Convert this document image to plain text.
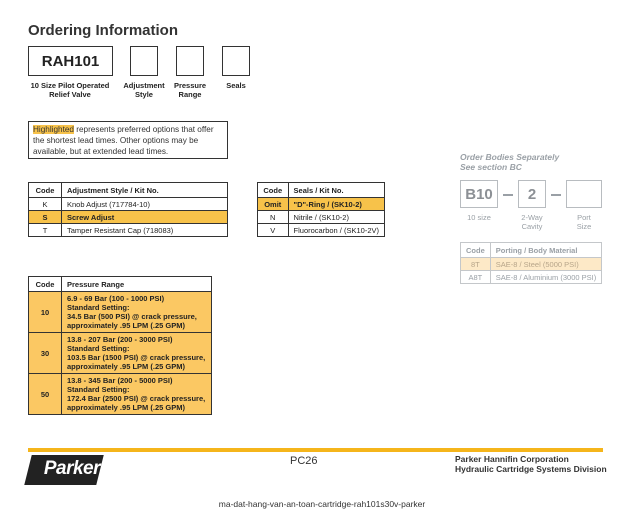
Ordering Information
RAH101
10 Size Pilot Operated Relief Valve
Adjustment Style
Pressure Range
Seals
Highlighted represents preferred options that offer the shortest lead times. Other options may be available, but at extended lead times.
Code	Adjustment Style / Kit No.
K	Knob Adjust (717784-10)
S	Screw Adjust
T	Tamper Resistant Cap (718083)
Code	Seals / Kit No.
Omit	"D"-Ring / (SK10-2)
N	Nitrile / (SK10-2)
V	Fluorocarbon / (SK10-2V)
Code	Pressure Range
10	6.9 - 69 Bar (100 - 1000 PSI)
Standard Setting:
34.5 Bar (500 PSI) @ crack pressure,
approximately .95 LPM (.25 GPM)

30	13.8 - 207 Bar (200 - 3000 PSI)
Standard Setting:
103.5 Bar (1500 PSI) @ crack pressure,
approximately .95 LPM (.25 GPM)

50	13.8 - 345 Bar (200 - 5000 PSI)
Standard Setting:
172.4 Bar (2500 PSI) @ crack pressure,
approximately .95 LPM (.25 GPM)
Order Bodies Separately
See section BC
B10	2
10 size	2-Way
Cavity
Port
Size
Code	Porting / Body Material
8T	SAE-8 / Steel (5000 PSI)
A8T	SAE-8 / Aluminium (3000 PSI)
Parker	PC26	Parker Hannifin Corporation
Hydraulic Cartridge Systems Division
ma-dat-hang-van-an-toan-cartridge-rah101s30v-parker
